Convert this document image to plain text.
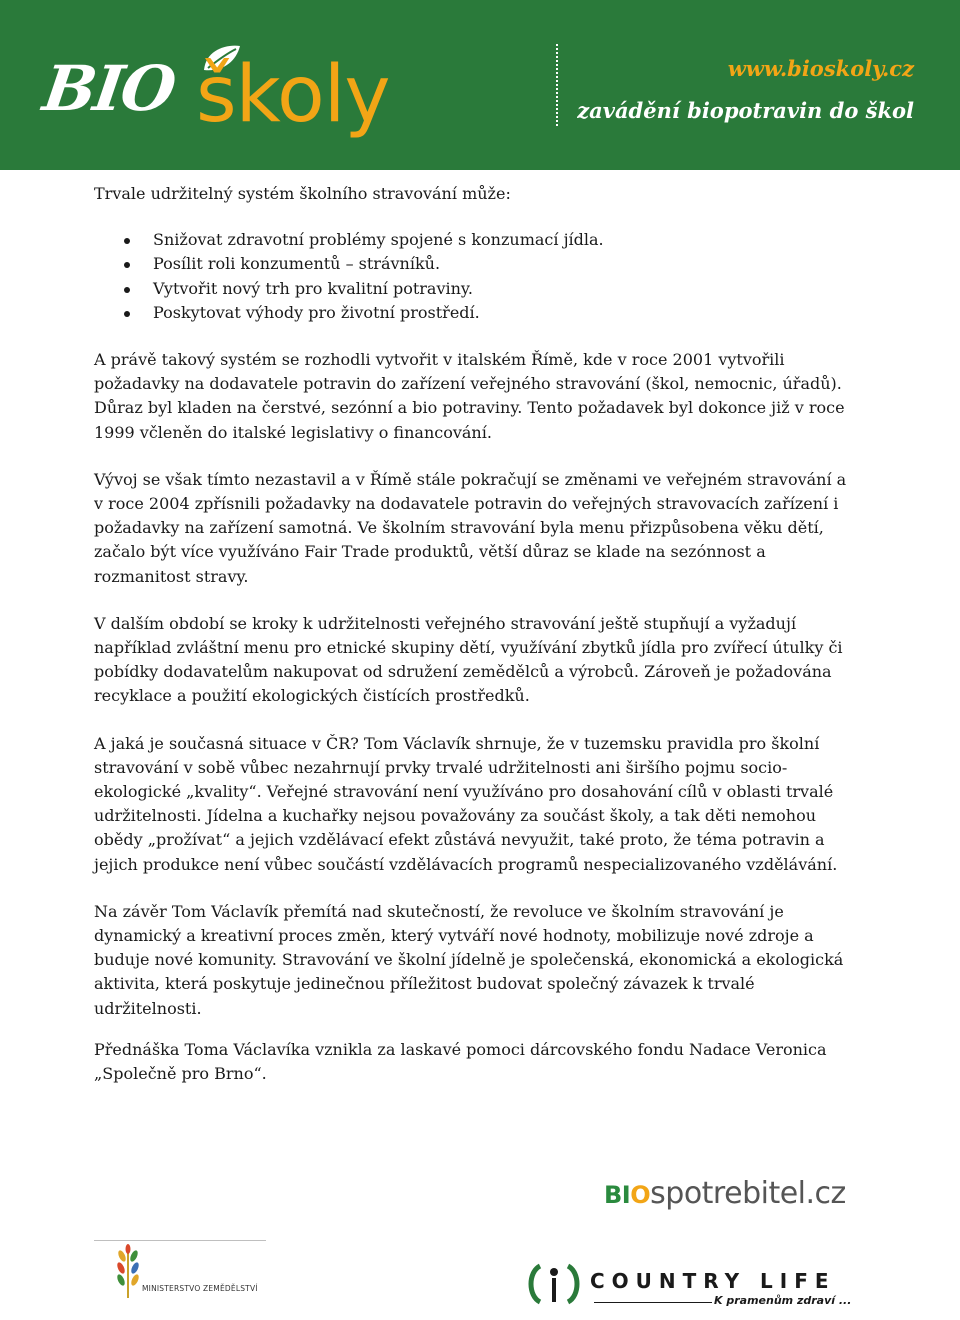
BIO školy	www.bioskoly.cz
zavádění biopotravin do škol

Trvale udržitelný systém školního stravování může:

Snižovat zdravotní problémy spojené s konzumací jídla.
Posílit roli konzumentů – strávníků.
Vytvořit nový trh pro kvalitní potraviny.
Poskytovat výhody pro životní prostředí.

A právě takový systém se rozhodli vytvořit v italském Římě, kde v roce 2001 vytvořili požadavky na dodavatele potravin do zařízení veřejného stravování (škol, nemocnic, úřadů). Důraz byl kladen na čerstvé, sezónní a bio potraviny. Tento požadavek byl dokonce již v roce 1999 včleněn do italské legislativy o financování.

Vývoj se však tímto nezastavil a v Římě stále pokračují se změnami ve veřejném stravování a v roce 2004 zpřísnili požadavky na dodavatele potravin do veřejných stravovacích zařízení i požadavky na zařízení samotná. Ve školním stravování byla menu přizpůsobena věku dětí, začalo být více využíváno Fair Trade produktů, větší důraz se klade na sezónnost a rozmanitost stravy.

V dalším období se kroky k udržitelnosti veřejného stravování ještě stupňují a vyžadují například zvláštní menu pro etnické skupiny dětí, využívání zbytků jídla pro zvířecí útulky či pobídky dodavatelům nakupovat od sdružení zemědělců a výrobců. Zároveň je požadována recyklace a použití ekologických čistících prostředků.

A jaká je současná situace v ČR? Tom Václavík shrnuje, že v tuzemsku pravidla pro školní stravování v sobě vůbec nezahrnují prvky trvalé udržitelnosti ani širšího pojmu socio-ekologické „kvality“. Veřejné stravování není využíváno pro dosahování cílů v oblasti trvalé udržitelnosti. Jídelna a kuchařky nejsou považovány za součást školy, a tak děti nemohou obědy „prožívat“ a jejich vzdělávací efekt zůstává nevyužit, také proto, že téma potravin a jejich produkce není vůbec součástí vzdělávacích programů nespecializovaného vzdělávání.

Na závěr Tom Václavík přemítá nad skutečností, že revoluce ve školním stravování je dynamický a kreativní proces změn, který vytváří nové hodnoty, mobilizuje nové zdroje a buduje nové komunity. Stravování ve školní jídelně je společenská, ekonomická a ekologická aktivita, která poskytuje jedinečnou příležitost budovat společný závazek k trvalé udržitelnosti.

Přednáška Toma Václavíka vznikla za laskavé pomoci dárcovského fondu Nadace Veronica „Společně pro Brno“.

MINISTERSTVO ZEMĚDĚLSTVÍ
BIOspotrebitel.cz
COUNTRY LIFE
K pramenům zdraví ...
